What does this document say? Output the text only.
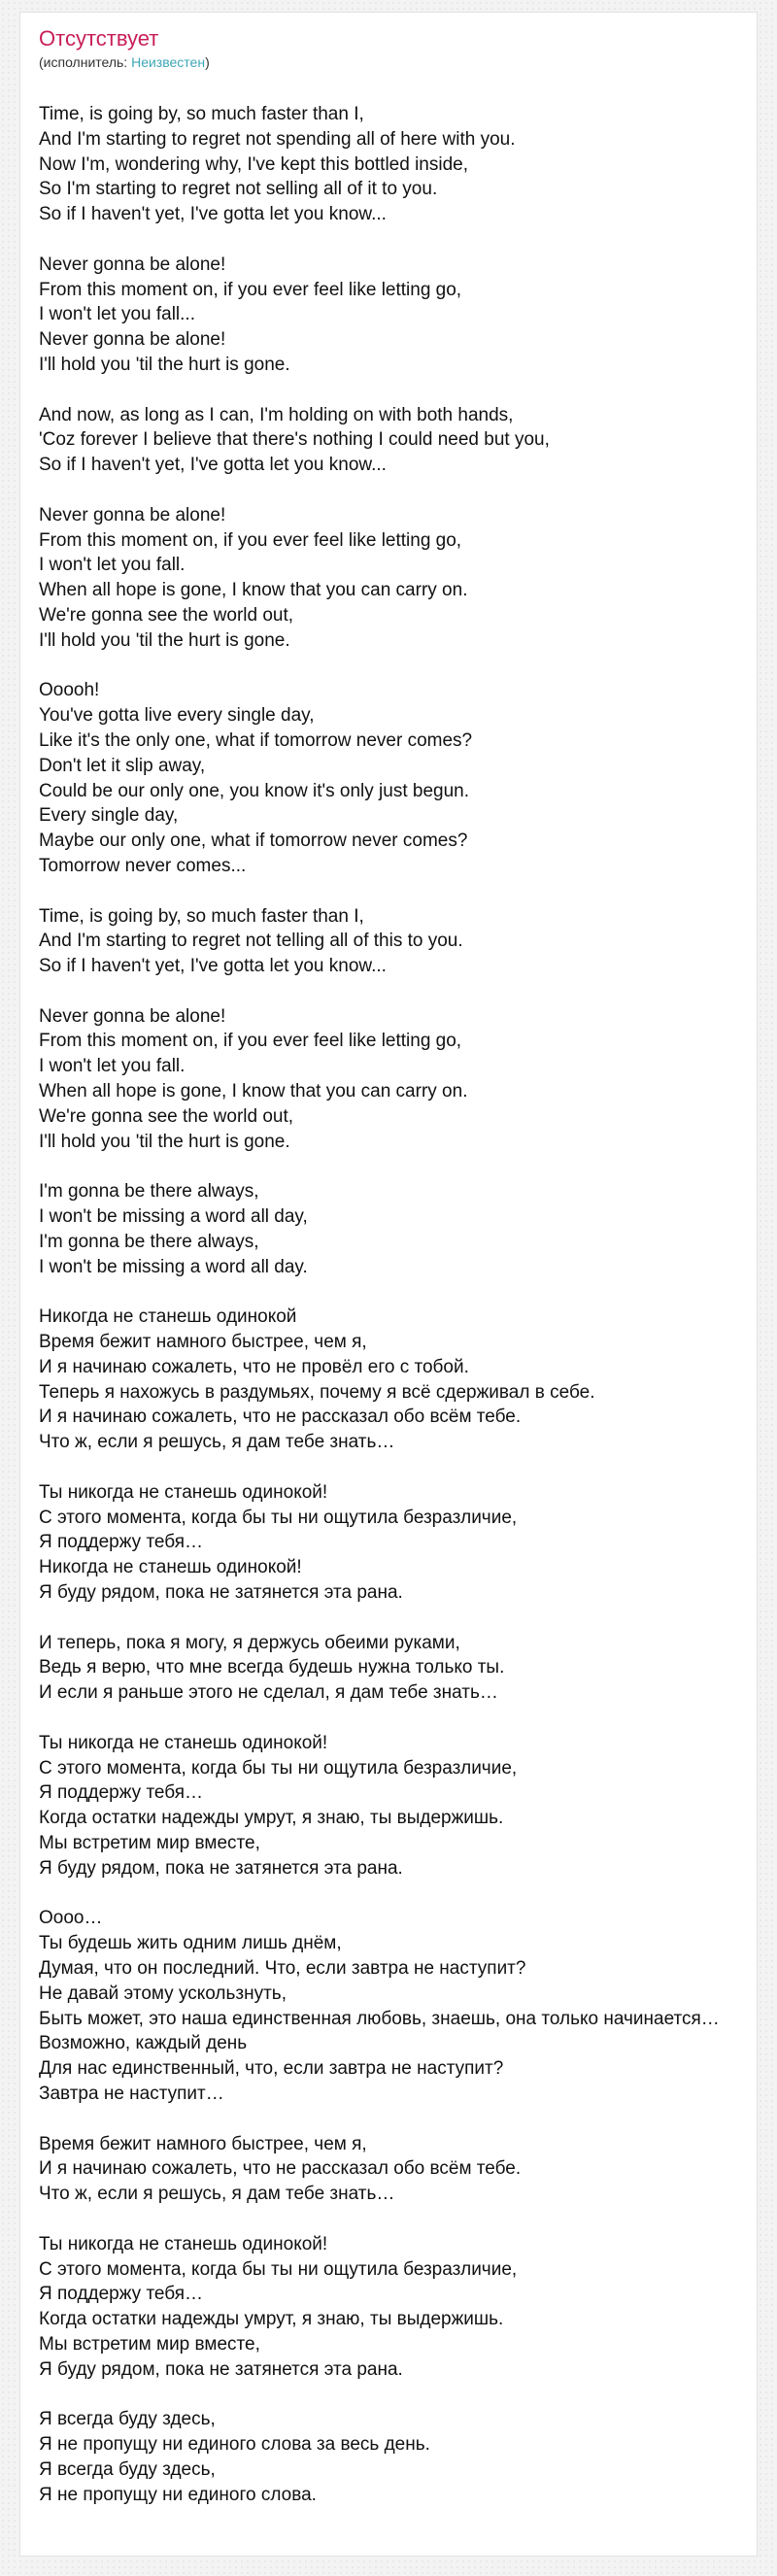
Отсутствует
(исполнитель: Неизвестен)
Time, is going by, so much faster than I,
And I'm starting to regret not spending all of here with you.
Now I'm, wondering why, I've kept this bottled inside,
So I'm starting to regret not selling all of it to you.
So if I haven't yet, I've gotta let you know...
Never gonna be alone!
From this moment on, if you ever feel like letting go,
I won't let you fall...
Never gonna be alone!
I'll hold you 'til the hurt is gone.
And now, as long as I can, I'm holding on with both hands,
'Coz forever I believe that there's nothing I could need but you,
So if I haven't yet, I've gotta let you know...
Never gonna be alone!
From this moment on, if you ever feel like letting go,
I won't let you fall.
When all hope is gone, I know that you can carry on.
We're gonna see the world out,
I'll hold you 'til the hurt is gone.
Ooooh!
You've gotta live every single day,
Like it's the only one, what if tomorrow never comes?
Don't let it slip away,
Could be our only one, you know it's only just begun.
Every single day,
Maybe our only one, what if tomorrow never comes?
Tomorrow never comes...
Time, is going by, so much faster than I,
And I'm starting to regret not telling all of this to you.
So if I haven't yet, I've gotta let you know...
Never gonna be alone!
From this moment on, if you ever feel like letting go,
I won't let you fall.
When all hope is gone, I know that you can carry on.
We're gonna see the world out,
I'll hold you 'til the hurt is gone.
I'm gonna be there always,
I won't be missing a word all day,
I'm gonna be there always,
I won't be missing a word all day.
Никогда не станешь одинокой
Время бежит намного быстрее, чем я,
И я начинаю сожалеть, что не провёл его с тобой.
Теперь я нахожусь в раздумьях, почему я всё сдерживал в себе.
И я начинаю сожалеть, что не рассказал обо всём тебе.
Что ж, если я решусь, я дам тебе знать…
Ты никогда не станешь одинокой!
С этого момента, когда бы ты ни ощутила безразличие,
Я поддержу тебя…
Никогда не станешь одинокой!
Я буду рядом, пока не затянется эта рана.
И теперь, пока я могу, я держусь обеими руками,
Ведь я верю, что мне всегда будешь нужна только ты.
И если я раньше этого не сделал, я дам тебе знать…
Ты никогда не станешь одинокой!
С этого момента, когда бы ты ни ощутила безразличие,
Я поддержу тебя…
Когда остатки надежды умрут, я знаю, ты выдержишь.
Мы встретим мир вместе,
Я буду рядом, пока не затянется эта рана.
Оооо…
Ты будешь жить одним лишь днём,
Думая, что он последний. Что, если завтра не наступит?
Не давай этому ускользнуть,
Быть может, это наша единственная любовь, знаешь, она только начинается…
Возможно, каждый день
Для нас единственный, что, если завтра не наступит?
Завтра не наступит…
Время бежит намного быстрее, чем я,
И я начинаю сожалеть, что не рассказал обо всём тебе.
Что ж, если я решусь, я дам тебе знать…
Ты никогда не станешь одинокой!
С этого момента, когда бы ты ни ощутила безразличие,
Я поддержу тебя…
Когда остатки надежды умрут, я знаю, ты выдержишь.
Мы встретим мир вместе,
Я буду рядом, пока не затянется эта рана.
Я всегда буду здесь,
Я не пропущу ни единого слова за весь день.
Я всегда буду здесь,
Я не пропущу ни единого слова.
